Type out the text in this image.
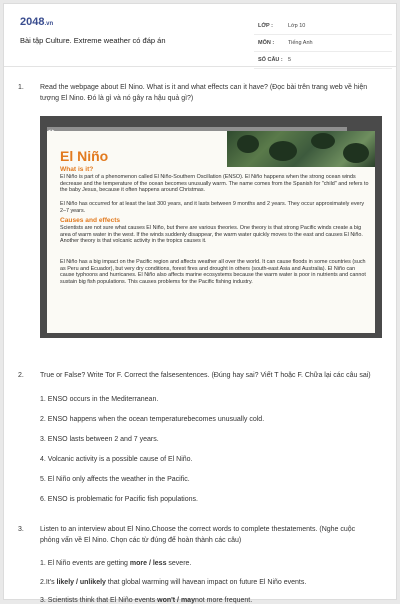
2048.vn
Bài tập Culture. Extreme weather có đáp án
LỚP :	Lớp 10
MÔN :	Tiếng Anh
SỐ CÂU : 5
1.	Read the webpage about El Nino. What is it and what effects can it have? (Đọc bài trên trang web về hiện tượng El Nino. Đó là gì và nó gây ra hậu quả gì?)
El Niño
What is it?
El Niño is part of a phenomenon called El Niño-Southern Oscillation (ENSO). El Niño happens when the strong ocean winds decrease and the temperature of the ocean becomes unusually warm. The name comes from the Spanish for "child" and refers to the baby Jesus, because it often happens around Christmas.
El Niño has occurred for at least the last 300 years, and it lasts between 9 months and 2 years. They occur approximately every 2–7 years.
Causes and effects
Scientists are not sure what causes El Niño, but there are various theories. One theory is that strong Pacific winds create a big area of warm water in the west. If the winds suddenly disappear, the warm water quickly moves to the east and causes El Niño. Another theory is that volcanic activity in the tropics causes it.
El Niño has a big impact on the Pacific region and affects weather all over the world. It can cause floods in some countries (such as Peru and Ecuador), but very dry conditions, forest fires and drought in others (south-east Asia and Australia). El Niño can cause typhoons and hurricanes. El Niño also affects marine ecosystems because the warm water is poor in nutrients and cannot sustain big fish populations. This causes problems for the Pacific fishing industry.
2.	True or False? Write Tor F. Correct the falsesentences. (Đúng hay sai? Viết T hoặc F. Chữa lại các câu sai)
1. ENSO occurs in the Mediterranean.
2. ENSO happens when the ocean temperaturebecomes unusually cold.
3. ENSO lasts between 2 and 7 years.
4. Volcanic activity is a possible cause of El Niño.
5. El Niño only affects the weather in the Pacific.
6. ENSO is problematic for Pacific fish populations.
3.	Listen to an interview about El Nino.Choose the correct words to complete thestatements. (Nghe cuộc phỏng vấn về El Nino. Chọn các từ đúng để hoàn thành các câu)
1. El Niño events are getting more / less severe.
2.It's likely / unlikely that global warming will havean impact on future El Niño events.
3. Scientists think that El Niño events won't / maynot more frequent.
